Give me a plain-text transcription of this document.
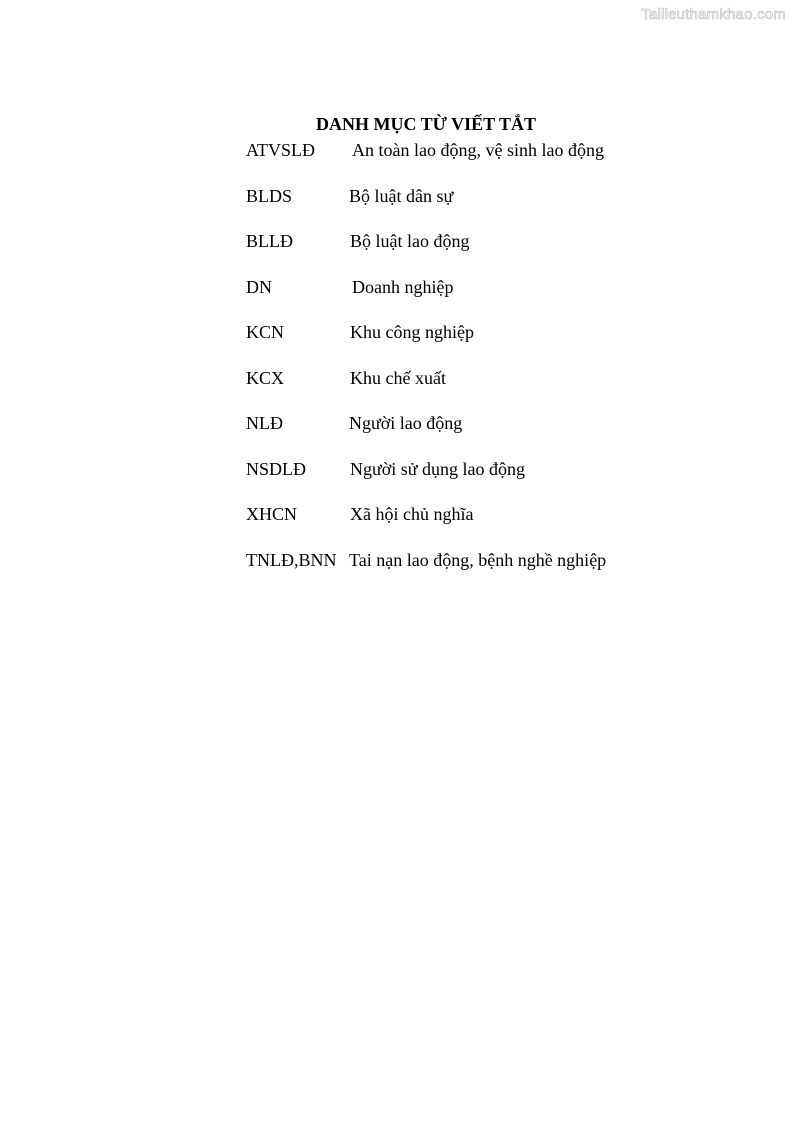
Tailieuthamkhao.com
DANH MỤC TỪ VIẾT TẮT
ATVSLĐ	An toàn lao động, vệ sinh lao động
BLDS	Bộ luật dân sự
BLLĐ	Bộ luật lao động
DN	Doanh nghiệp
KCN	Khu công nghiệp
KCX	Khu chế xuất
NLĐ	Người lao động
NSDLĐ	Người sử dụng lao động
XHCN	Xã hội chủ nghĩa
TNLĐ,BNN Tai nạn lao động, bệnh nghề nghiệp
